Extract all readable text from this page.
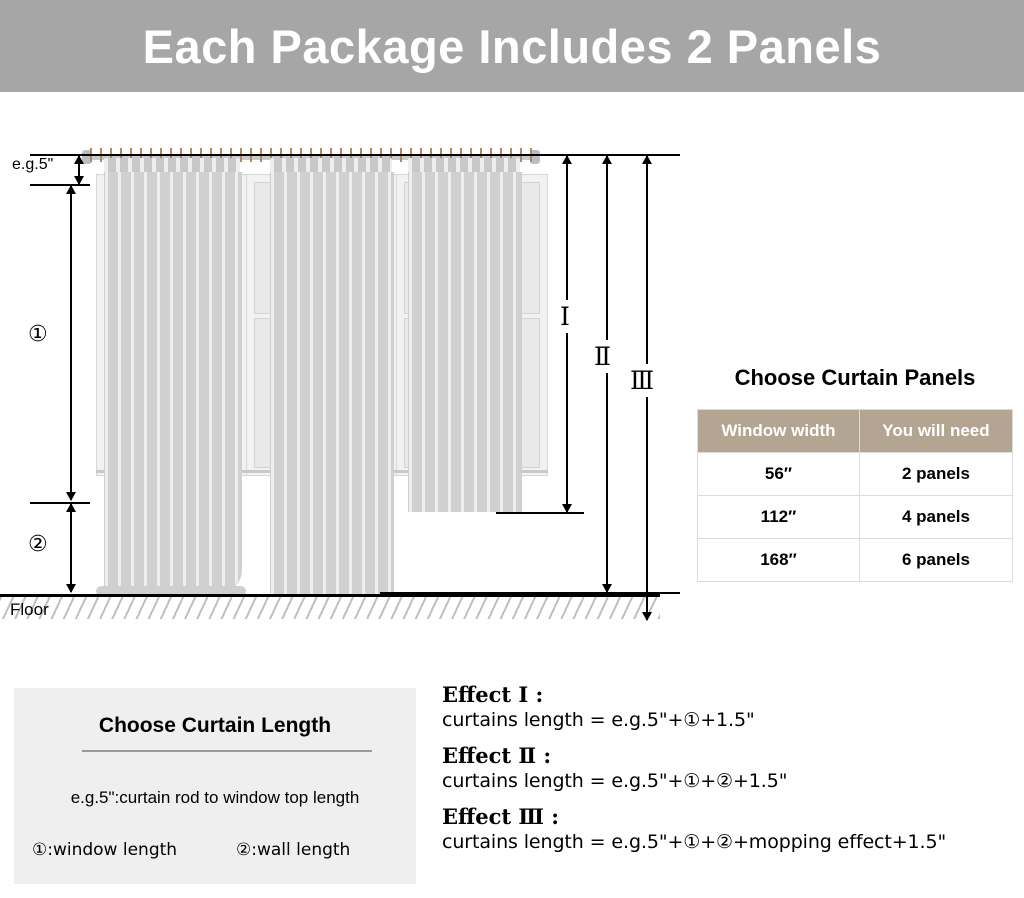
Each Package Includes 2 Panels
Floor
e.g.5"
①
②
Ⅰ
Ⅱ
Ⅲ	Choose Curtain Panels
Window width	You will need
56″	2 panels
112″	4 panels
168″	6 panels
Choose Curtain Length
e.g.5":curtain rod to window top length
①:window length	②:wall length

Effect Ⅰ :

curtains length = e.g.5"+①+1.5"

Effect Ⅱ :

curtains length = e.g.5"+①+②+1.5"

Effect Ⅲ :

curtains length = e.g.5"+①+②+mopping effect+1.5"
